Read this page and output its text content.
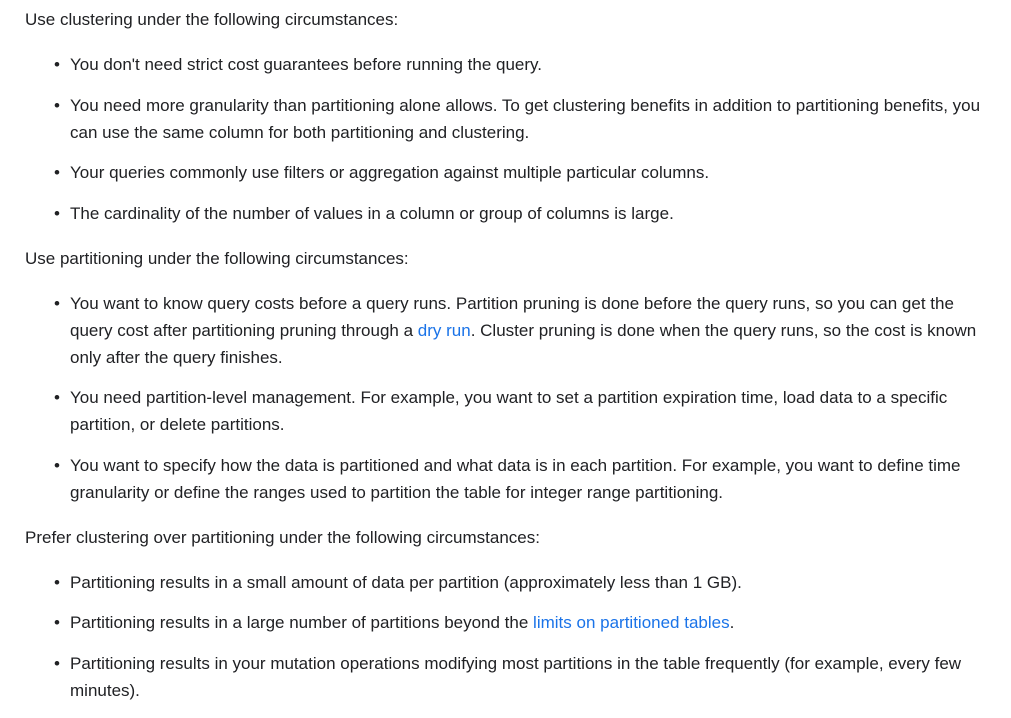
Use clustering under the following circumstances:

• You don't need strict cost guarantees before running the query.
• You need more granularity than partitioning alone allows. To get clustering benefits in addition to partitioning benefits, you can use the same column for both partitioning and clustering.
• Your queries commonly use filters or aggregation against multiple particular columns.
• The cardinality of the number of values in a column or group of columns is large.

Use partitioning under the following circumstances:

• You want to know query costs before a query runs. Partition pruning is done before the query runs, so you can get the query cost after partitioning pruning through a dry run. Cluster pruning is done when the query runs, so the cost is known only after the query finishes.
• You need partition-level management. For example, you want to set a partition expiration time, load data to a specific partition, or delete partitions.
• You want to specify how the data is partitioned and what data is in each partition. For example, you want to define time granularity or define the ranges used to partition the table for integer range partitioning.

Prefer clustering over partitioning under the following circumstances:

• Partitioning results in a small amount of data per partition (approximately less than 1 GB).
• Partitioning results in a large number of partitions beyond the limits on partitioned tables.
• Partitioning results in your mutation operations modifying most partitions in the table frequently (for example, every few minutes).
